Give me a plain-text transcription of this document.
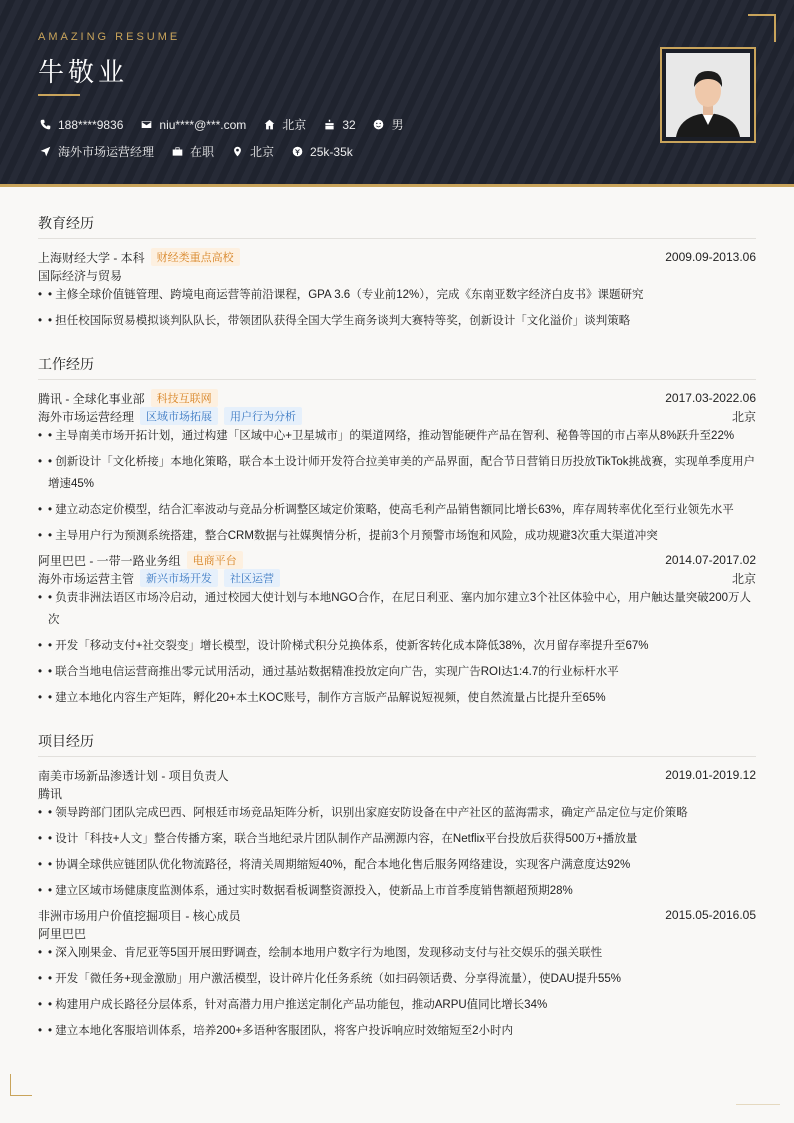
AMAZING RESUME
牛敬业
188****9836	niu****@***.com	北京	32	男
海外市场运营经理	在职	北京	25k-35k
教育经历
上海财经大学 - 本科	财经类重点高校	2009.09-2013.06
国际经济与贸易
• • 主修全球价值链管理、跨境电商运营等前沿课程，GPA 3.6（专业前12%），完成《东南亚数字经济白皮书》课题研究
• • 担任校国际贸易模拟谈判队队长，带领团队获得全国大学生商务谈判大赛特等奖，创新设计「文化溢价」谈判策略
工作经历
腾讯 - 全球化事业部	科技互联网	2017.03-2022.06
海外市场运营经理	区域市场拓展	用户行为分析	北京
• • 主导南美市场开拓计划，通过构建「区域中心+卫星城市」的渠道网络，推动智能硬件产品在智利、秘鲁等国的市占率从8%跃升至22%
• • 创新设计「文化桥接」本地化策略，联合本土设计师开发符合拉美审美的产品界面，配合节日营销日历投放TikTok挑战赛，实现单季度用户增速45%
• • 建立动态定价模型，结合汇率波动与竞品分析调整区域定价策略，使高毛利产品销售额同比增长63%，库存周转率优化至行业领先水平
• • 主导用户行为预测系统搭建，整合CRM数据与社媒舆情分析，提前3个月预警市场饱和风险，成功规避3次重大渠道冲突
阿里巴巴 - 一带一路业务组	电商平台	2014.07-2017.02
海外市场运营主管	新兴市场开发	社区运营	北京
• • 负责非洲法语区市场冷启动，通过校园大使计划与本地NGO合作，在尼日利亚、塞内加尔建立3个社区体验中心，用户触达量突破200万人次
• • 开发「移动支付+社交裂变」增长模型，设计阶梯式积分兑换体系，使新客转化成本降低38%，次月留存率提升至67%
• • 联合当地电信运营商推出零元试用活动，通过基站数据精准投放定向广告，实现广告ROI达1:4.7的行业标杆水平
• • 建立本地化内容生产矩阵，孵化20+本土KOC账号，制作方言版产品解说短视频，使自然流量占比提升至65%
项目经历
南美市场新品渗透计划 - 项目负责人	2019.01-2019.12
腾讯
• • 领导跨部门团队完成巴西、阿根廷市场竞品矩阵分析，识别出家庭安防设备在中产社区的蓝海需求，确定产品定位与定价策略
• • 设计「科技+人文」整合传播方案，联合当地纪录片团队制作产品溯源内容，在Netflix平台投放后获得500万+播放量
• • 协调全球供应链团队优化物流路径，将清关周期缩短40%，配合本地化售后服务网络建设，实现客户满意度达92%
• • 建立区域市场健康度监测体系，通过实时数据看板调整资源投入，使新品上市首季度销售额超预期28%
非洲市场用户价值挖掘项目 - 核心成员	2015.05-2016.05
阿里巴巴
• • 深入刚果金、肯尼亚等5国开展田野调查，绘制本地用户数字行为地图，发现移动支付与社交娱乐的强关联性
• • 开发「微任务+现金激励」用户激活模型，设计碎片化任务系统（如扫码领话费、分享得流量），使DAU提升55%
• • 构建用户成长路径分层体系，针对高潜力用户推送定制化产品功能包，推动ARPU值同比增长34%
• • 建立本地化客服培训体系，培养200+多语种客服团队，将客户投诉响应时效缩短至2小时内
